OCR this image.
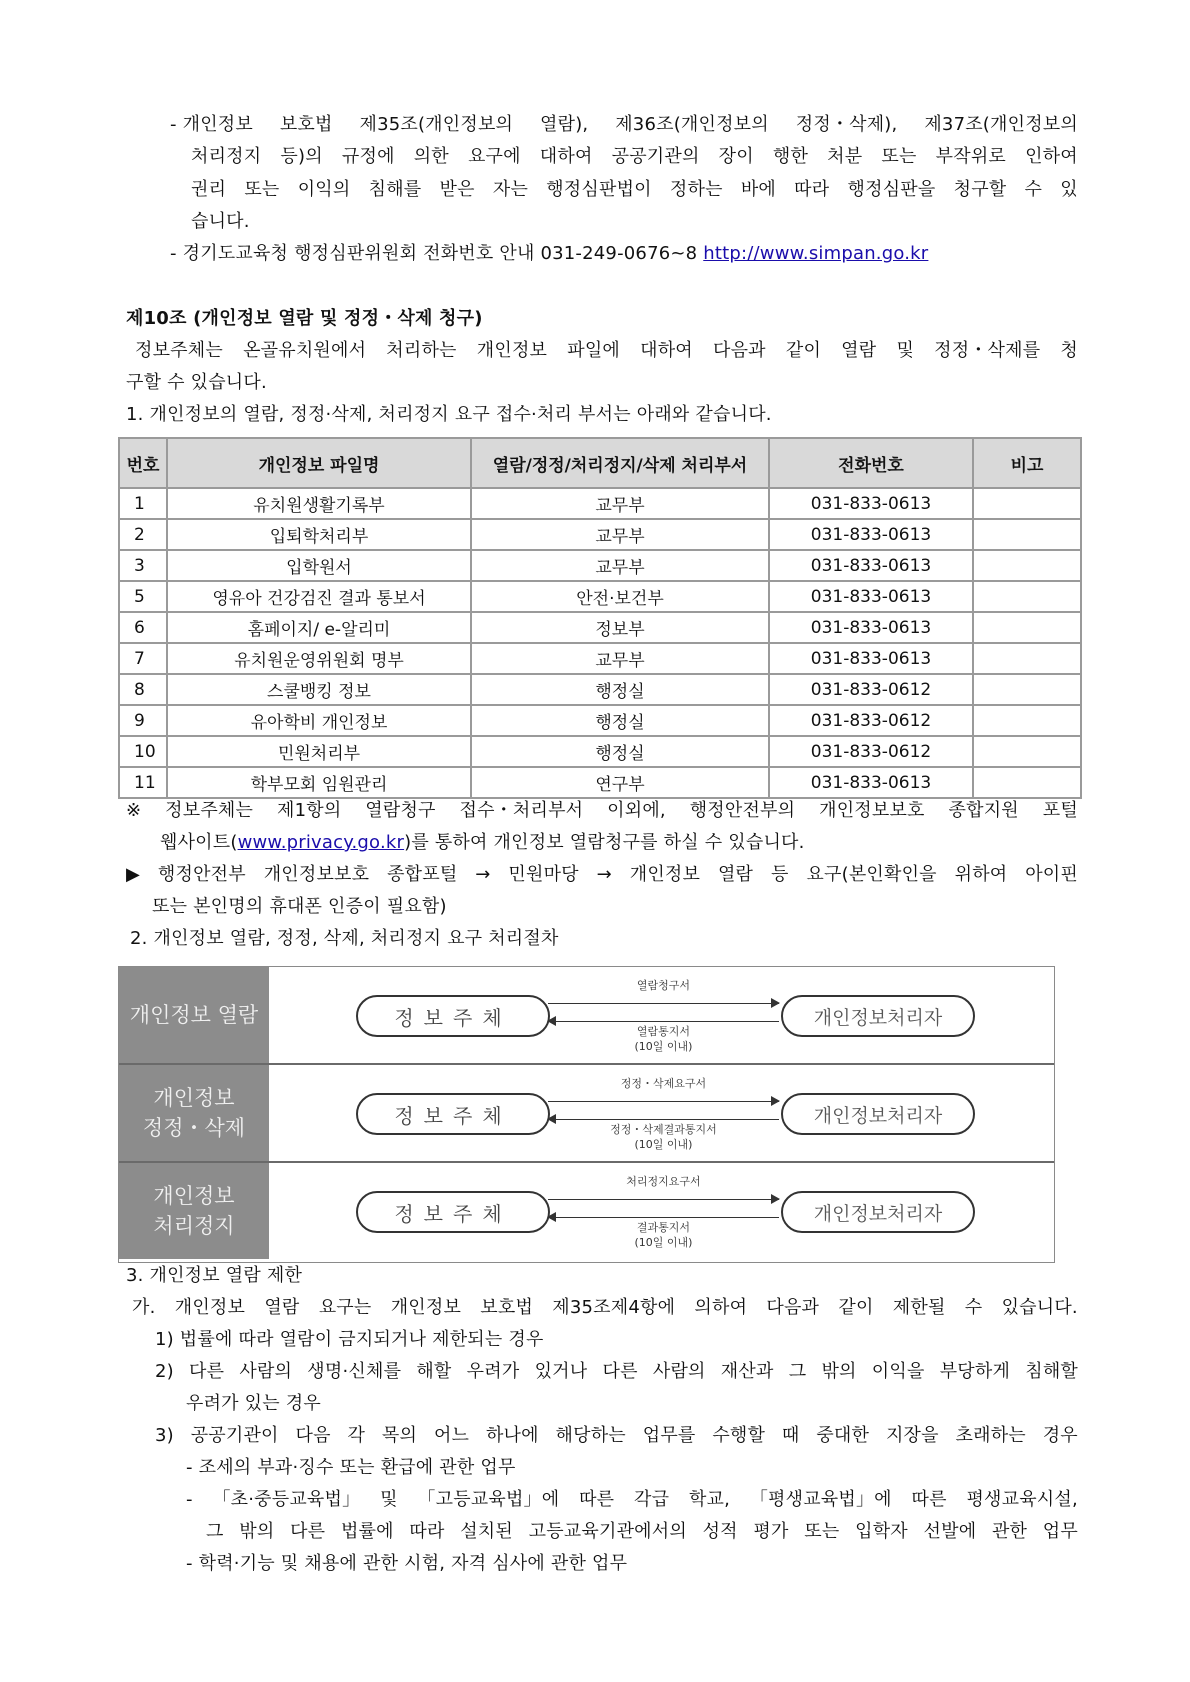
- 개인정보 보호법 제35조(개인정보의 열람), 제36조(개인정보의 정정・삭제), 제37조(개인정보의
처리정지 등)의 규정에 의한 요구에 대하여 공공기관의 장이 행한 처분 또는 부작위로 인하여
권리 또는 이익의 침해를 받은 자는 행정심판법이 정하는 바에 따라 행정심판을 청구할 수 있
습니다.
- 경기도교육청 행정심판위원회 전화번호 안내 031-249-0676~8 http://www.simpan.go.kr
제10조 (개인정보 열람 및 정정・삭제 청구)
정보주체는 온골유치원에서 처리하는 개인정보 파일에 대하여 다음과 같이 열람 및 정정・삭제를 청
구할 수 있습니다.
1. 개인정보의 열람, 정정·삭제, 처리정지 요구 접수·처리 부서는 아래와 같습니다.
번호	개인정보 파일명	열람/정정/처리정지/삭제 처리부서	전화번호	비고
1	유치원생활기록부	교무부	031-833-0613	
2	입퇴학처리부	교무부	031-833-0613	
3	입학원서	교무부	031-833-0613	
5	영유아 건강검진 결과 통보서	안전·보건부	031-833-0613	
6	홈페이지/ e-알리미	정보부	031-833-0613	
7	유치원운영위원회 명부	교무부	031-833-0613	
8	스쿨뱅킹 정보	행정실	031-833-0612	
9	유아학비 개인정보	행정실	031-833-0612	
10	민원처리부	행정실	031-833-0612	
11	학부모회 임원관리	연구부	031-833-0613	
※ 정보주체는 제1항의 열람청구 접수・처리부서 이외에, 행정안전부의 개인정보보호 종합지원 포털
웹사이트(www.privacy.go.kr)를 통하여 개인정보 열람청구를 하실 수 있습니다.
▶ 행정안전부 개인정보보호 종합포털 → 민원마당 → 개인정보 열람 등 요구(본인확인을 위하여 아이핀
또는 본인명의 휴대폰 인증이 필요함)
2. 개인정보 열람, 정정, 삭제, 처리정지 요구 처리절차
개인정보 열람	정보주체	개인정보처리자
열람청구서
열람통지서
(10일 이내)
개인정보
정정・삭제
정보주체	개인정보처리자
정정・삭제요구서
정정・삭제결과통지서
(10일 이내)
개인정보
처리정지
정보주체	개인정보처리자
처리정지요구서
결과통지서
(10일 이내)
3. 개인정보 열람 제한
가. 개인정보 열람 요구는 개인정보 보호법 제35조제4항에 의하여 다음과 같이 제한될 수 있습니다.
1) 법률에 따라 열람이 금지되거나 제한되는 경우
2) 다른 사람의 생명·신체를 해할 우려가 있거나 다른 사람의 재산과 그 밖의 이익을 부당하게 침해할
우려가 있는 경우
3) 공공기관이 다음 각 목의 어느 하나에 해당하는 업무를 수행할 때 중대한 지장을 초래하는 경우
- 조세의 부과·징수 또는 환급에 관한 업무
- 「초·중등교육법」 및 「고등교육법」에 따른 각급 학교, 「평생교육법」에 따른 평생교육시설,
그 밖의 다른 법률에 따라 설치된 고등교육기관에서의 성적 평가 또는 입학자 선발에 관한 업무
- 학력·기능 및 채용에 관한 시험, 자격 심사에 관한 업무
